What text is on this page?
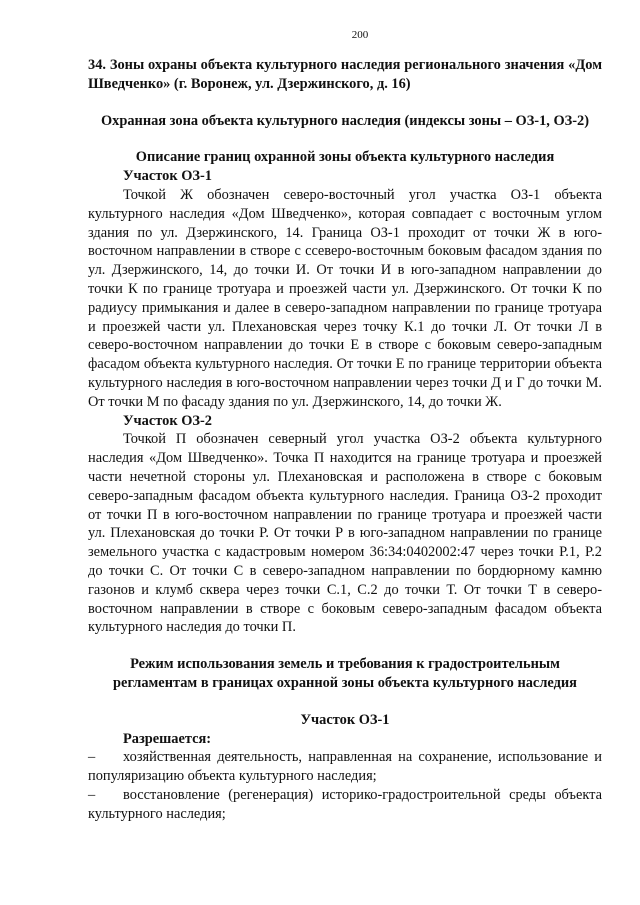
200

34. Зоны охраны объекта культурного наследия регионального значения «Дом Шведченко» (г. Воронеж, ул. Дзержинского, д. 16)

Охранная зона объекта культурного наследия (индексы зоны – ОЗ-1, ОЗ-2)

Описание границ охранной зоны объекта культурного наследия

Участок ОЗ-1

Точкой Ж обозначен северо-восточный угол участка ОЗ-1 объекта культурного наследия «Дом Шведченко», которая совпадает с восточным углом здания по ул. Дзержинского, 14. Граница ОЗ-1 проходит от точки Ж в юго-восточном направлении в створе с сcеверо-восточным боковым фасадом здания по ул. Дзержинского, 14, до точки И. От точки И в юго-западном направлении до точки К по границе тротуара и проезжей части ул. Дзержинского. От точки К по радиусу примыкания и далее в северо-западном направлении по границе тротуара и проезжей части ул. Плехановская через точку К.1 до точки Л. От точки Л в северо-восточном направлении до точки Е в створе с боковым северо-западным фасадом объекта культурного наследия. От точки Е по границе территории объекта культурного наследия в юго-восточном направлении через точки Д и Г до точки М. От точки М по фасаду здания по ул. Дзержинского, 14, до точки Ж.

Участок ОЗ-2

Точкой П обозначен северный угол участка ОЗ-2 объекта культурного наследия «Дом Шведченко». Точка П находится на границе тротуара и проезжей части нечетной стороны ул. Плехановская и расположена в створе с боковым северо-западным фасадом объекта культурного наследия. Граница ОЗ-2 проходит от точки П в юго-восточном направлении по границе тротуара и проезжей части ул. Плехановская до точки Р. От точки Р в юго-западном направлении по границе земельного участка с кадастровым номером 36:34:0402002:47 через точки Р.1, Р.2 до точки С. От точки С в северо-западном направлении по бордюрному камню газонов и клумб сквера через точки С.1, С.2 до точки Т. От точки Т в северо-восточном направлении в створе с боковым северо-западным фасадом объекта культурного наследия до точки П.

Режим использования земель и требования к градостроительным регламентам в границах охранной зоны объекта культурного наследия

Участок ОЗ-1

Разрешается:

– хозяйственная деятельность, направленная на сохранение, использование и популяризацию объекта культурного наследия;

– восстановление (регенерация) историко-градостроительной среды объекта культурного наследия;
